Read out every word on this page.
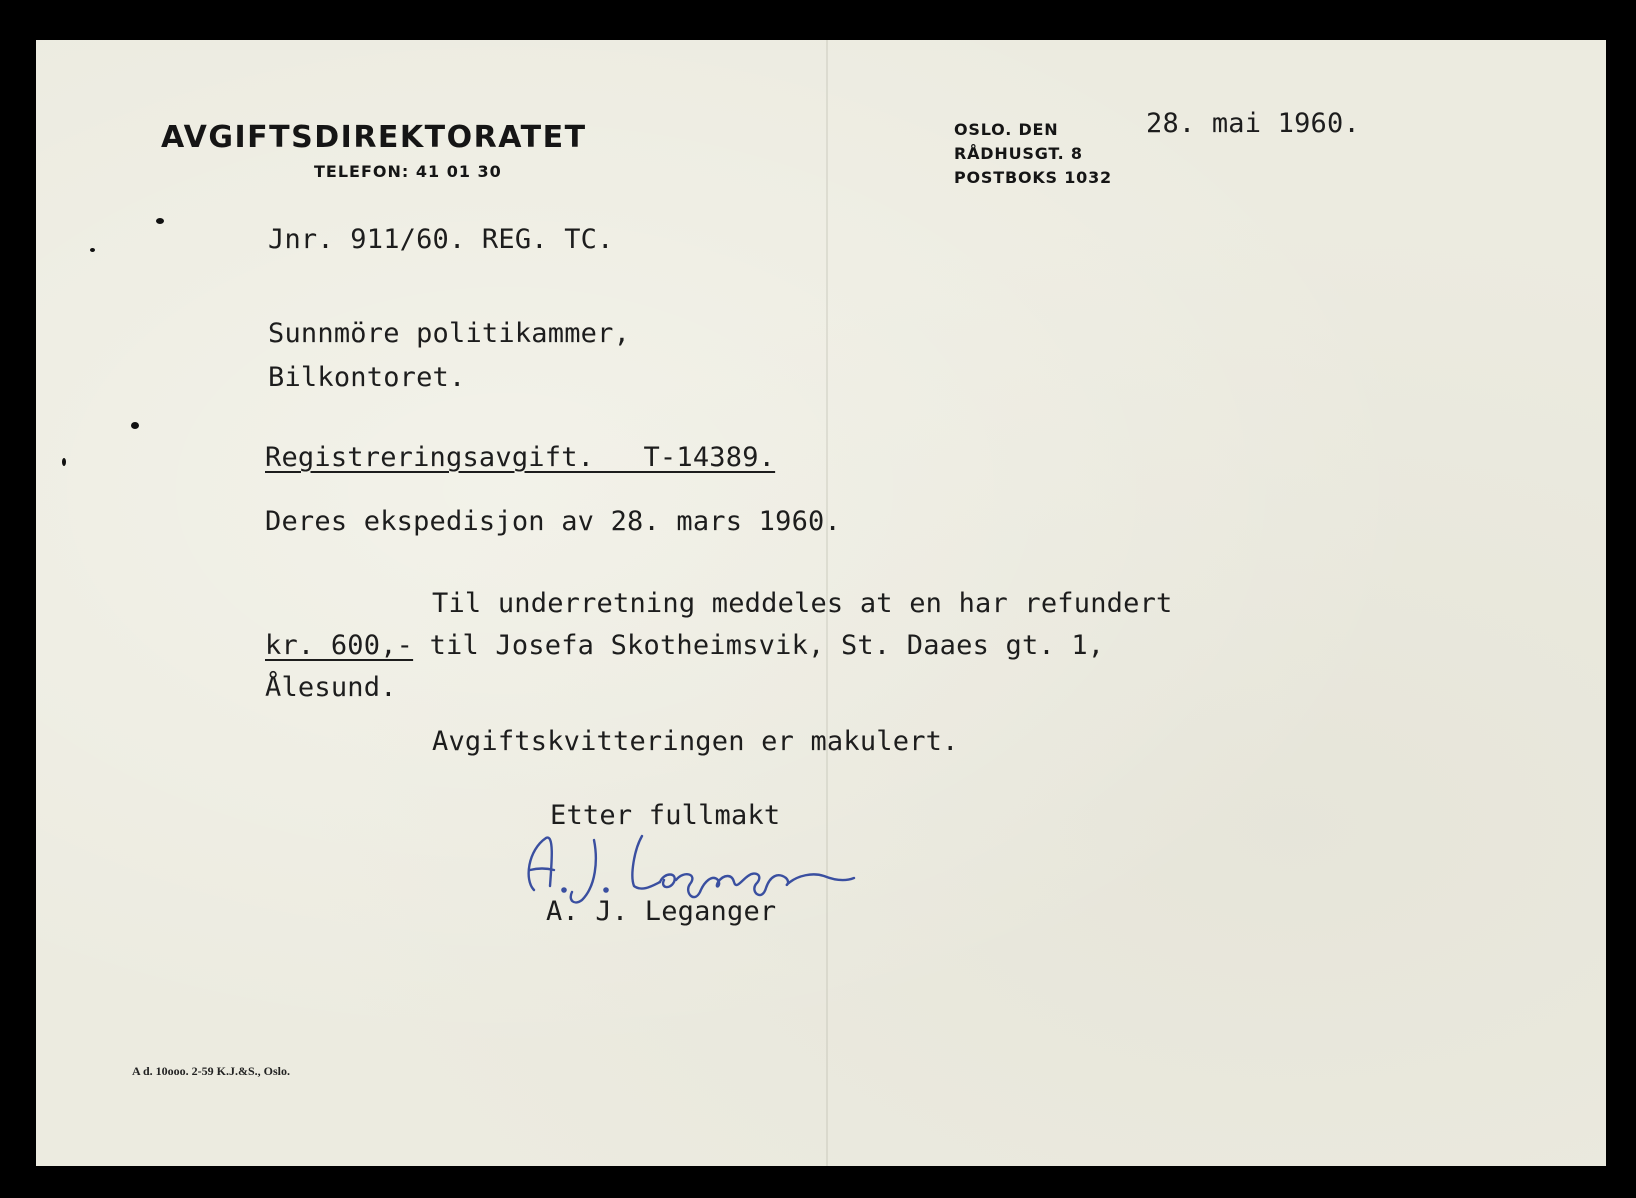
AVGIFTSDIREKTORATET
TELEFON: 41 01 30
OSLO. DEN
RÅDHUSGT. 8
POSTBOKS 1032
28. mai 1960.
Jnr. 911/60. REG. TC.
Sunnmöre politikammer,
Bilkontoret.
Registreringsavgift.   T-14389.
Deres ekspedisjon av 28. mars 1960.
Til underretning meddeles at en har refundert
kr. 600,- til Josefa Skotheimsvik, St. Daaes gt. 1,
Ålesund.
Avgiftskvitteringen er makulert.
Etter fullmakt
A. J. Leganger
A d. 10ooo. 2-59 K.J.&S., Oslo.
